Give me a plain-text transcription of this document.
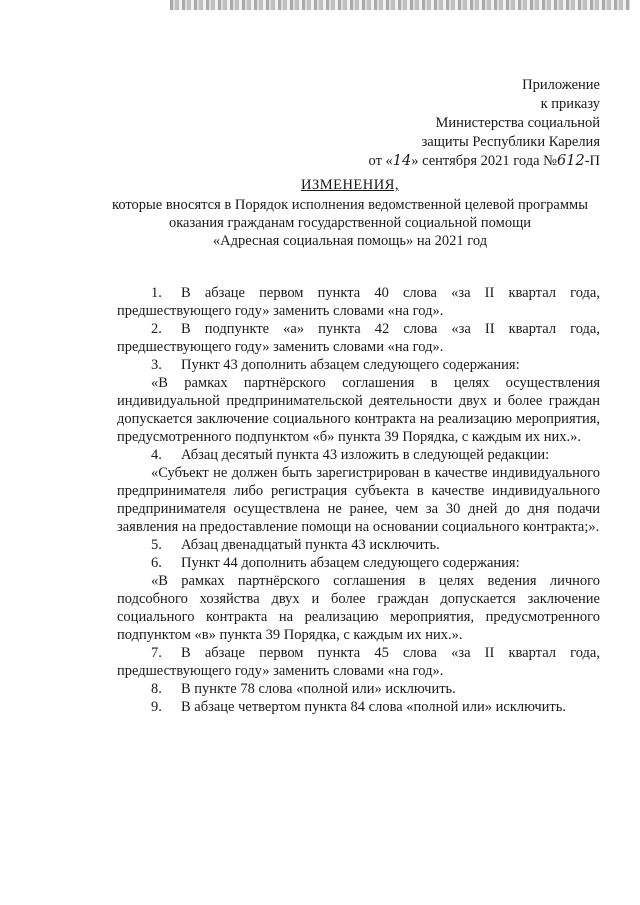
Приложение
к приказу
Министерства социальной
защиты Республики Карелия
от «14» сентября 2021 года №612-П
ИЗМЕНЕНИЯ,
которые вносятся в Порядок исполнения ведомственной целевой программы
оказания гражданам государственной социальной помощи
«Адресная социальная помощь» на 2021 год

1. В абзаце первом пункта 40 слова «за II квартал года, предшествующего году» заменить словами «на год».

2. В подпункте «а» пункта 42 слова «за II квартал года, предшествующего году» заменить словами «на год».

3. Пункт 43 дополнить абзацем следующего содержания:

«В рамках партнёрского соглашения в целях осуществления индивидуальной предпринимательской деятельности двух и более граждан допускается заключение социального контракта на реализацию мероприятия, предусмотренного подпунктом «б» пункта 39 Порядка, с каждым их них.».

4. Абзац десятый пункта 43 изложить в следующей редакции:

«Субъект не должен быть зарегистрирован в качестве индивидуального предпринимателя либо регистрация субъекта в качестве индивидуального предпринимателя осуществлена не ранее, чем за 30 дней до дня подачи заявления на предоставление помощи на основании социального контракта;».

5. Абзац двенадцатый пункта 43 исключить.

6. Пункт 44 дополнить абзацем следующего содержания:

«В рамках партнёрского соглашения в целях ведения личного подсобного хозяйства двух и более граждан допускается заключение социального контракта на реализацию мероприятия, предусмотренного подпунктом «в» пункта 39 Порядка, с каждым их них.».

7. В абзаце первом пункта 45 слова «за II квартал года, предшествующего году» заменить словами «на год».

8. В пункте 78 слова «полной или» исключить.

9. В абзаце четвертом пункта 84 слова «полной или» исключить.
